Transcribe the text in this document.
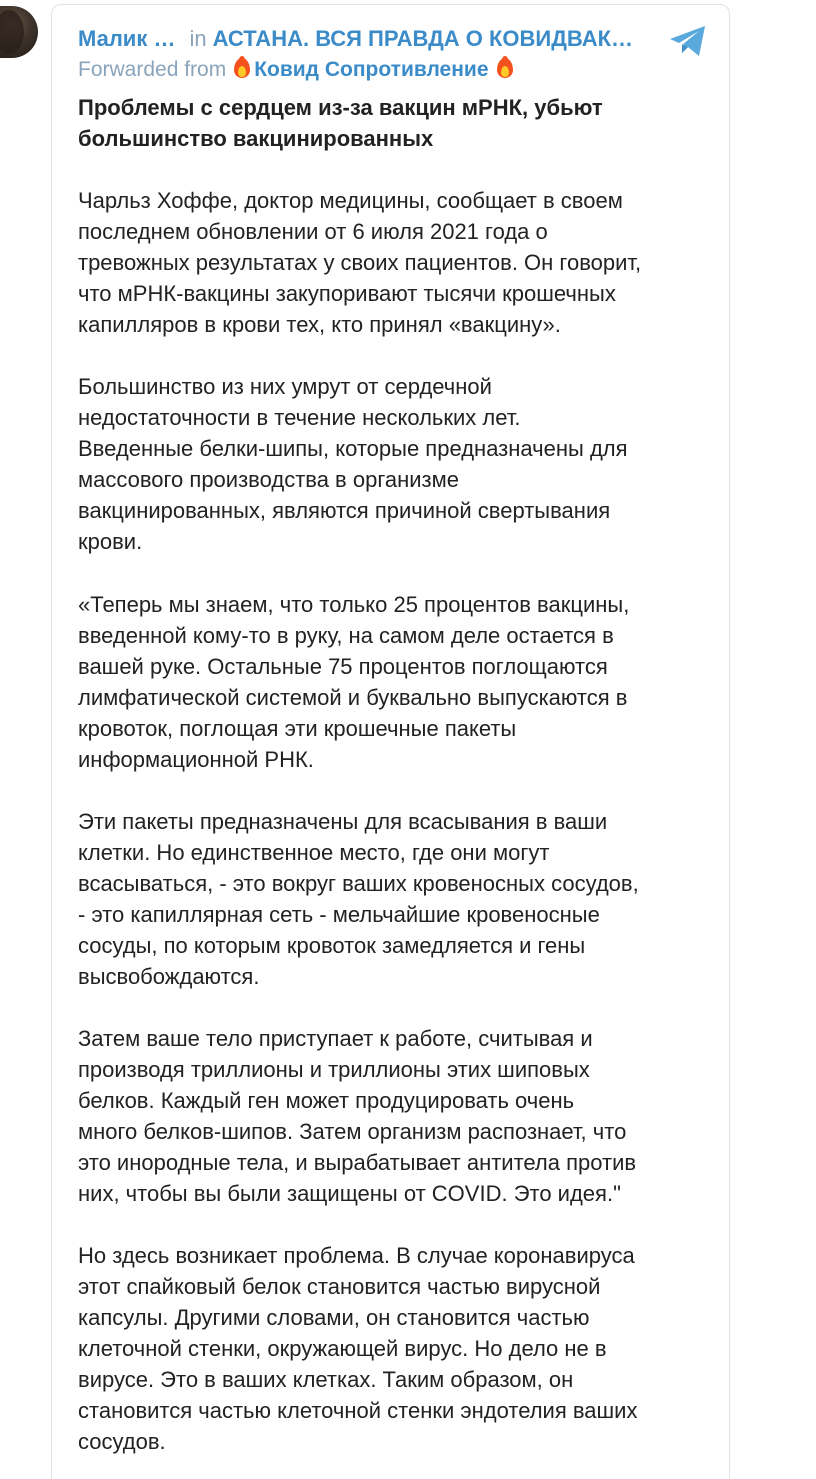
Малик … in АСТАНА. ВСЯ ПРАВДА О КОВИДВАК…
Forwarded from Ковид Сопротивление
Проблемы с сердцем из-за вакцин мРНК, убьют большинство вакцинированных

Чарльз Хоффе, доктор медицины, сообщает в своем
последнем обновлении от 6 июля 2021 года о
тревожных результатах у своих пациентов. Он говорит,
что мРНК-вакцины закупоривают тысячи крошечных
капилляров в крови тех, кто принял «вакцину».

Большинство из них умрут от сердечной
недостаточности в течение нескольких лет.
Введенные белки-шипы, которые предназначены для
массового производства в организме
вакцинированных, являются причиной свертывания
крови.

«Теперь мы знаем, что только 25 процентов вакцины,
введенной кому-то в руку, на самом деле остается в
вашей руке. Остальные 75 процентов поглощаются
лимфатической системой и буквально выпускаются в
кровоток, поглощая эти крошечные пакеты
информационной РНК.

Эти пакеты предназначены для всасывания в ваши
клетки. Но единственное место, где они могут
всасываться, - это вокруг ваших кровеносных сосудов,
- это капиллярная сеть - мельчайшие кровеносные
сосуды, по которым кровоток замедляется и гены
высвобождаются.

Затем ваше тело приступает к работе, считывая и
производя триллионы и триллионы этих шиповых
белков. Каждый ген может продуцировать очень
много белков-шипов. Затем организм распознает, что
это инородные тела, и вырабатывает антитела против
них, чтобы вы были защищены от COVID. Это идея."

Но здесь возникает проблема. В случае коронавируса
этот спайковый белок становится частью вирусной
капсулы. Другими словами, он становится частью
клеточной стенки, окружающей вирус. Но дело не в
вирусе. Это в ваших клетках. Таким образом, он
становится частью клеточной стенки эндотелия ваших
сосудов.
